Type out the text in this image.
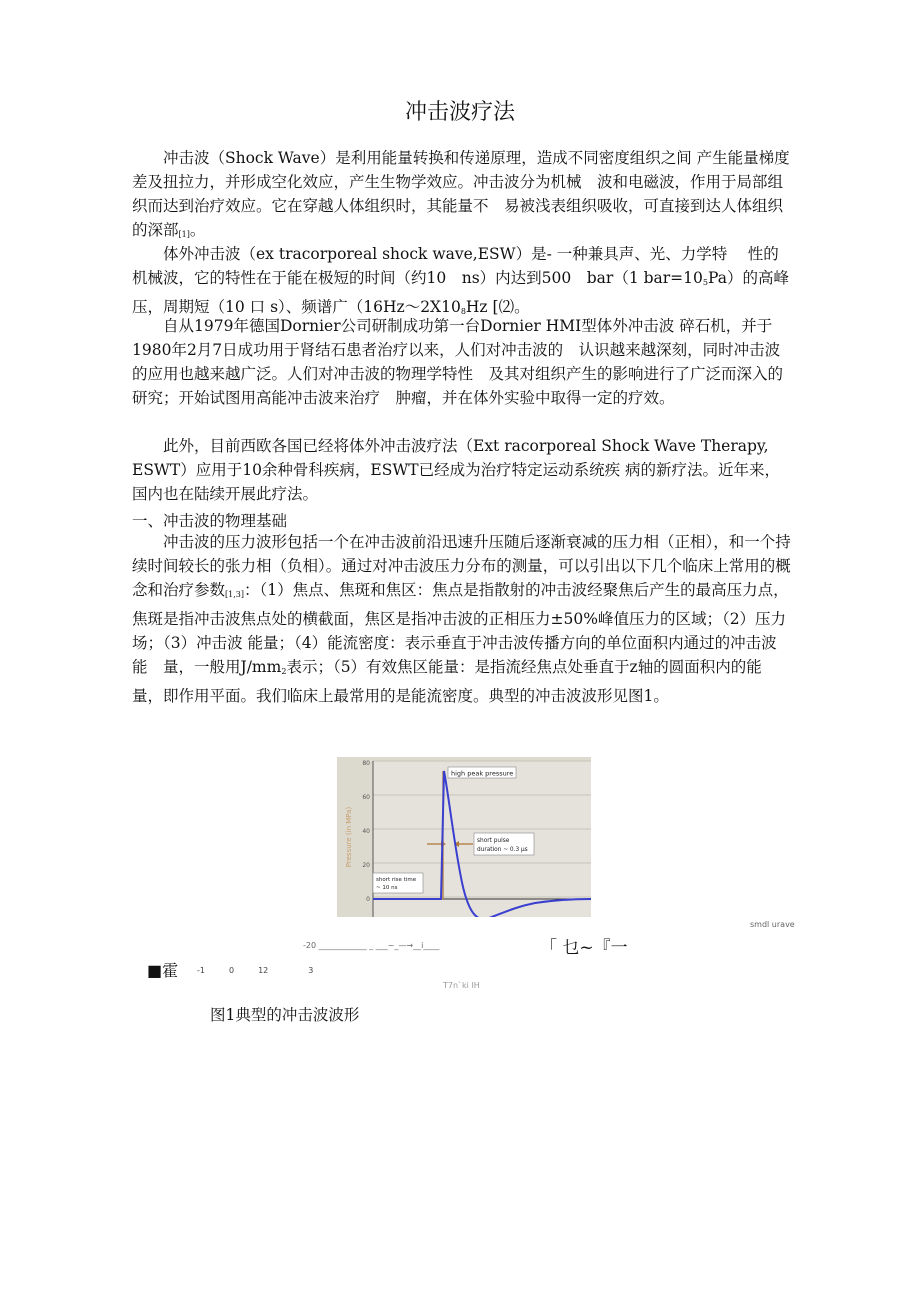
冲击波疗法

冲击波（Shock Wave）是利用能量转换和传递原理，造成不同密度组织之间 产生能量梯度差及扭拉力，并形成空化效应，产生生物学效应。冲击波分为机械　波和电磁波，作用于局部组织而达到治疗效应。它在穿越人体组织时，其能量不　易被浅表组织吸收，可直接到达人体组织的深部$_{[1]}$。

体外冲击波（ex tracorporeal shock wave,ESW）是- 一种兼具声、光、力学特　 性的机械波，它的特性在于能在极短的时间（约10　ns）内达到500　bar（1 $bar=10_5Pa$）的高峰压，周期短（10 口 s）、频谱广（16Hz〜$2X10_8Hz$ [⑵。

自从1979年德国Dornier公司研制成功第一台Dornier HMI型体外冲击波 碎石机，并于1980年2月7日成功用于肾结石患者治疗以来，人们对冲击波的　认识越来越深刻，同时冲击波的应用也越来越广泛。人们对冲击波的物理学特性　及其对组织产生的影响进行了广泛而深入的研究；开始试图用高能冲击波来治疗　肿瘤，并在体外实验中取得一定的疗效。

此外，目前西欧各国已经将体外冲击波疗法（Ext racorporeal Shock Wave Therapy, ESWT）应用于10余种骨科疾病，ESWT已经成为治疗特定运动系统疾 病的新疗法。近年来，国内也在陆续开展此疗法。

一、冲击波的物理基础

冲击波的压力波形包括一个在冲击波前沿迅速升压随后逐渐衰减的压力相（正相），和一个持续时间较长的张力相（负相）。通过对冲击波压力分布的测量，可以引出以下几个临床上常用的概念和治疗参数$_{[1,3]}$：（1）焦点、焦斑和焦区：焦点是指散射的冲击波经聚焦后产生的最高压力点，焦斑是指冲击波焦点处的横截面，焦区是指冲击波的正相压力±50%峰值压力的区域；（2）压力场；（3）冲击波 能量；（4）能流密度：表示垂直于冲击波传播方向的单位面积内通过的冲击波能　量，一般用$J/mm_2$表示；（5）有效焦区能量：是指流经焦点处垂直于z轴的圆面积内的能量，即作用平面。我们临床上最常用的是能流密度。典型的冲击波波形见图1。

80
60
40
20
0
Pressure (in MPa)
high peak pressure
short pulse
duration ~ 0.3 µs
short rise time
~ 10 ns
smdl urave
-20 ____________ _ ___~_—→__i____	「 乜~『一
■霍 -1　　　0　　　12　　　　　3
T7n`ki IH
图1典型的冲击波波形
